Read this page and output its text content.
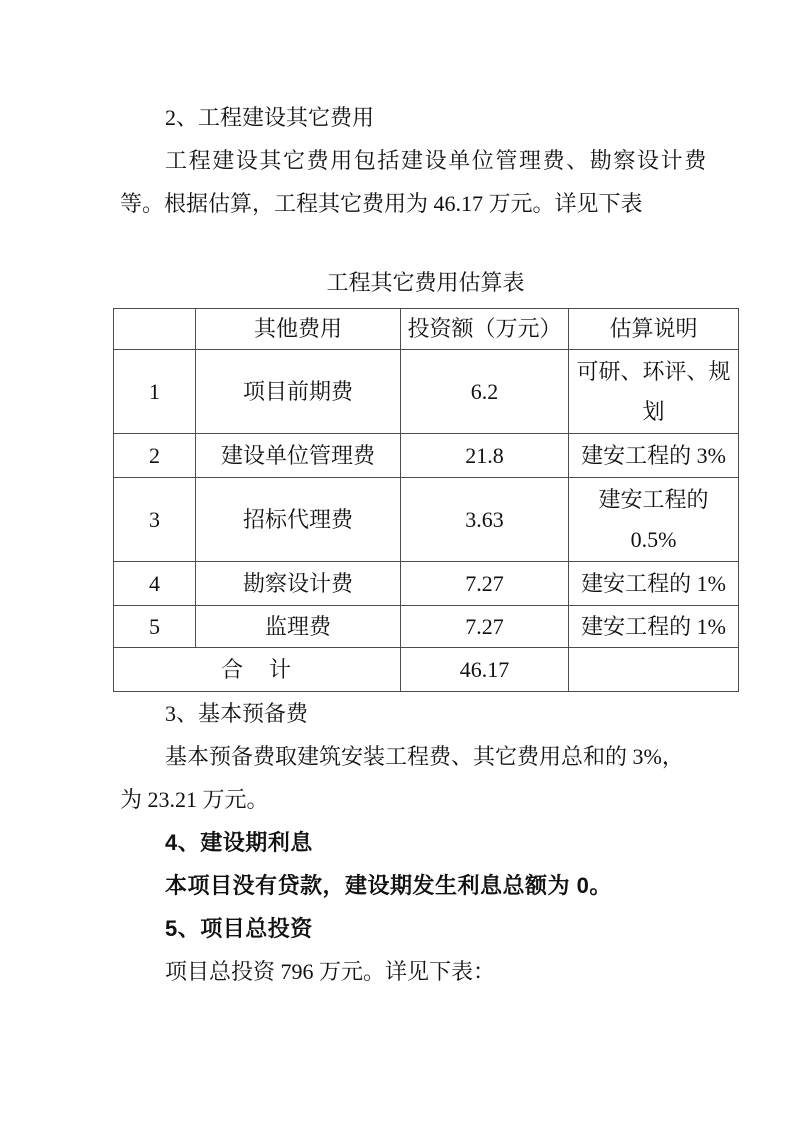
2、工程建设其它费用
工程建设其它费用包括建设单位管理费、勘察设计费
等。根据估算，工程其它费用为 46.17 万元。详见下表
工程其它费用估算表
	其他费用	投资额（万元）	估算说明
1	项目前期费	6.2	可研、环评、规
划

2	建设单位管理费	21.8	建安工程的 3%
3	招标代理费	3.63	建安工程的
0.5%

4	勘察设计费	7.27	建安工程的 1%
5	监理费	7.27	建安工程的 1%
合　计		46.17	
3、基本预备费
基本预备费取建筑安装工程费、其它费用总和的 3%，
为 23.21 万元。
4、建设期利息
本项目没有贷款，建设期发生利息总额为 0。
5、项目总投资
项目总投资 796 万元。详见下表：
